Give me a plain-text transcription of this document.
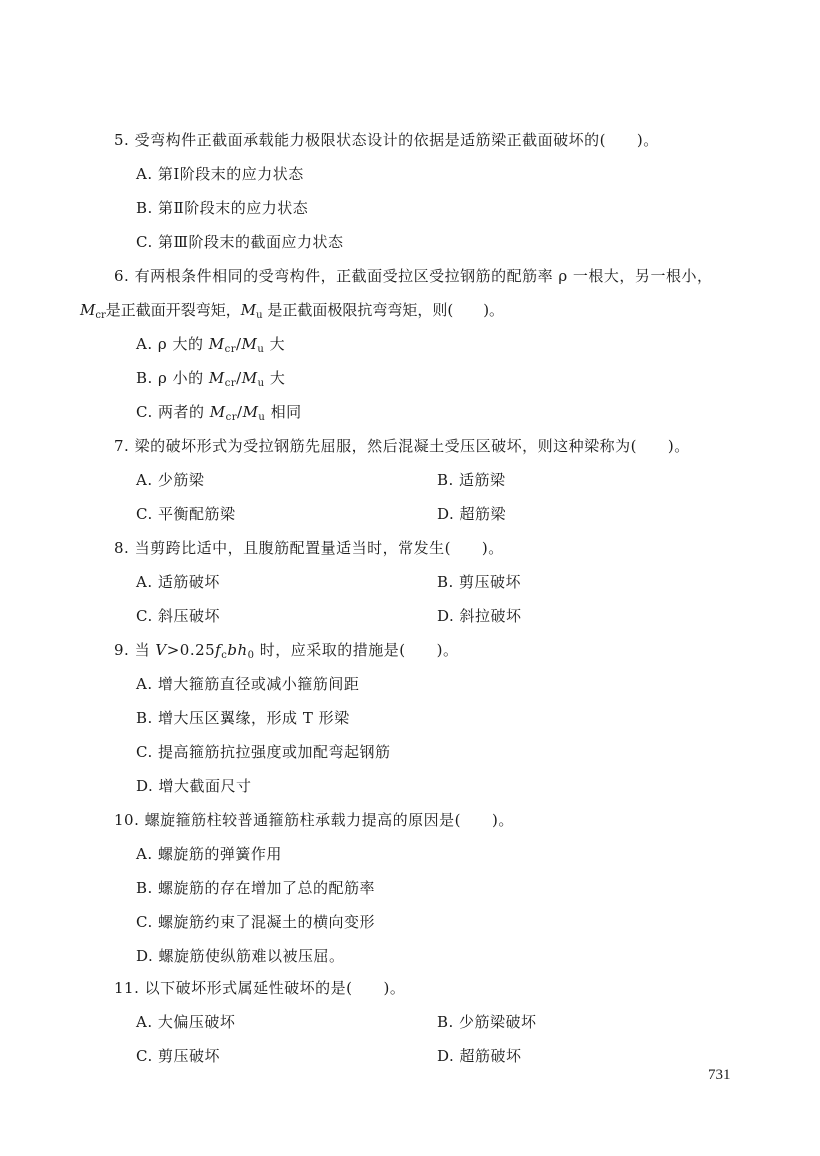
5. 受弯构件正截面承载能力极限状态设计的依据是适筋梁正截面破坏的(　　)。
A. 第Ⅰ阶段末的应力状态
B. 第Ⅱ阶段末的应力状态
C. 第Ⅲ阶段末的截面应力状态
6. 有两根条件相同的受弯构件，正截面受拉区受拉钢筋的配筋率 ρ 一根大，另一根小，
$M_{cr}$是正截面开裂弯矩，$M_u$ 是正截面极限抗弯弯矩，则(　　)。
A. ρ 大的 $M_{cr}/M_u$ 大
B. ρ 小的 $M_{cr}/M_u$ 大
C. 两者的 $M_{cr}/M_u$ 相同
7. 梁的破坏形式为受拉钢筋先屈服，然后混凝土受压区破坏，则这种梁称为(　　)。
A. 少筋梁	B. 适筋梁
C. 平衡配筋梁	D. 超筋梁
8. 当剪跨比适中，且腹筋配置量适当时，常发生(　　)。
A. 适筋破坏	B. 剪压破坏
C. 斜压破坏	D. 斜拉破坏
9. 当 $V>0.25f_cbh_0$ 时，应采取的措施是(　　)。
A. 增大箍筋直径或减小箍筋间距
B. 增大压区翼缘，形成 T 形梁
C. 提高箍筋抗拉强度或加配弯起钢筋
D. 增大截面尺寸
10. 螺旋箍筋柱较普通箍筋柱承载力提高的原因是(　　)。
A. 螺旋筋的弹簧作用
B. 螺旋筋的存在增加了总的配筋率
C. 螺旋筋约束了混凝土的横向变形
D. 螺旋筋使纵筋难以被压屈。
11. 以下破坏形式属延性破坏的是(　　)。
A. 大偏压破坏	B. 少筋梁破坏
C. 剪压破坏	D. 超筋破坏
731
